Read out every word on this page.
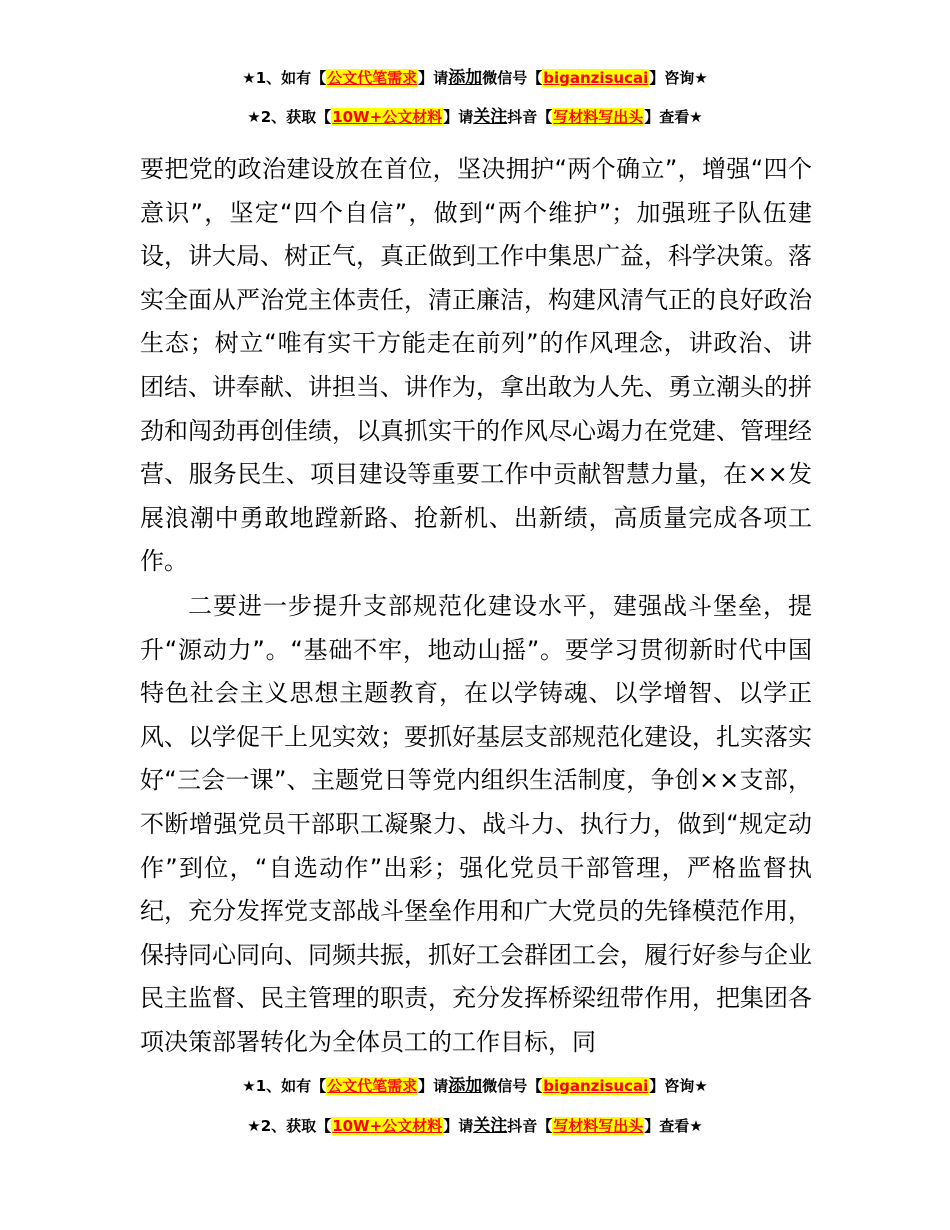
★1、如有【公文代笔需求】请添加微信号【biganzisucai】咨询★
★2、获取【10W+公文材料】请关注抖音【写材料写出头】查看★

要把党的政治建设放在首位，坚决拥护“两个确立”，增强“四个意识”，坚定“四个自信”，做到“两个维护”；加强班子队伍建设，讲大局、树正气，真正做到工作中集思广益，科学决策。落实全面从严治党主体责任，清正廉洁，构建风清气正的良好政治生态；树立“唯有实干方能走在前列”的作风理念，讲政治、讲团结、讲奉献、讲担当、讲作为，拿出敢为人先、勇立潮头的拼劲和闯劲再创佳绩，以真抓实干的作风尽心竭力在党建、管理经营、服务民生、项目建设等重要工作中贡献智慧力量，在××发展浪潮中勇敢地蹚新路、抢新机、出新绩，高质量完成各项工作。

二要进一步提升支部规范化建设水平，建强战斗堡垒，提升“源动力”。“基础不牢，地动山摇”。要学习贯彻新时代中国特色社会主义思想主题教育，在以学铸魂、以学增智、以学正风、以学促干上见实效；要抓好基层支部规范化建设，扎实落实好“三会一课”、主题党日等党内组织生活制度，争创××支部，不断增强党员干部职工凝聚力、战斗力、执行力，做到“规定动作”到位，“自选动作”出彩；强化党员干部管理，严格监督执纪，充分发挥党支部战斗堡垒作用和广大党员的先锋模范作用，保持同心同向、同频共振，抓好工会群团工会，履行好参与企业民主监督、民主管理的职责，充分发挥桥梁纽带作用，把集团各项决策部署转化为全体员工的工作目标，同

★1、如有【公文代笔需求】请添加微信号【biganzisucai】咨询★
★2、获取【10W+公文材料】请关注抖音【写材料写出头】查看★
